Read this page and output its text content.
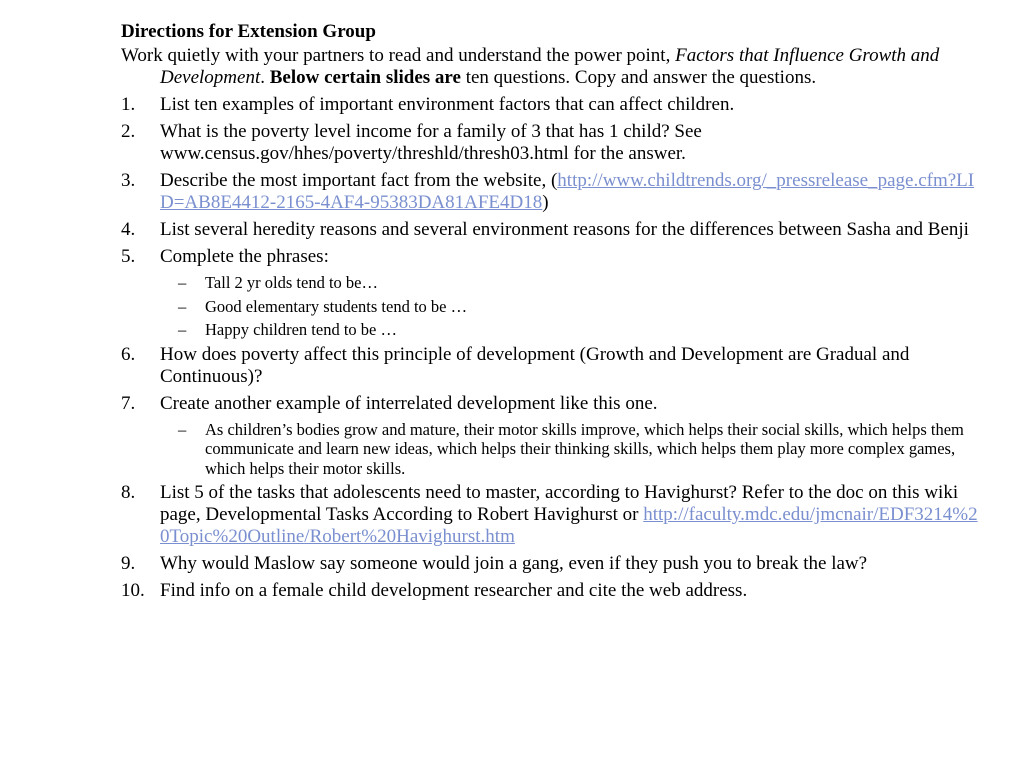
Directions for Extension Group
Work quietly with your partners to read and understand the power point, Factors that Influence Growth and Development. Below certain slides are ten questions. Copy and answer the questions.
1. List ten examples of important environment factors that can affect children.
2. What is the poverty level income for a family of 3 that has 1 child? See www.census.gov/hhes/poverty/threshld/thresh03.html for the answer.
3. Describe the most important fact from the website, (http://www.childtrends.org/_pressrelease_page.cfm?LID=AB8E4412-2165-4AF4-95383DA81AFE4D18)
4. List several heredity reasons and several environment reasons for the differences between Sasha and Benji
5. Complete the phrases:
– Tall 2 yr olds tend to be…
– Good elementary students tend to be …
– Happy children tend to be …
6. How does poverty affect this principle of development (Growth and Development are Gradual and Continuous)?
7. Create another example of interrelated development like this one.
– As children’s bodies grow and mature, their motor skills improve, which helps their social skills, which helps them communicate and learn new ideas, which helps their thinking skills, which helps them play more complex games, which helps their motor skills.
8. List 5 of the tasks that adolescents need to master, according to Havighurst? Refer to the doc on this wiki page, Developmental Tasks According to Robert Havighurst or http://faculty.mdc.edu/jmcnair/EDF3214%20Topic%20Outline/Robert%20Havighurst.htm
9. Why would Maslow say someone would join a gang, even if they push you to break the law?
10. Find info on a female child development researcher and cite the web address.
